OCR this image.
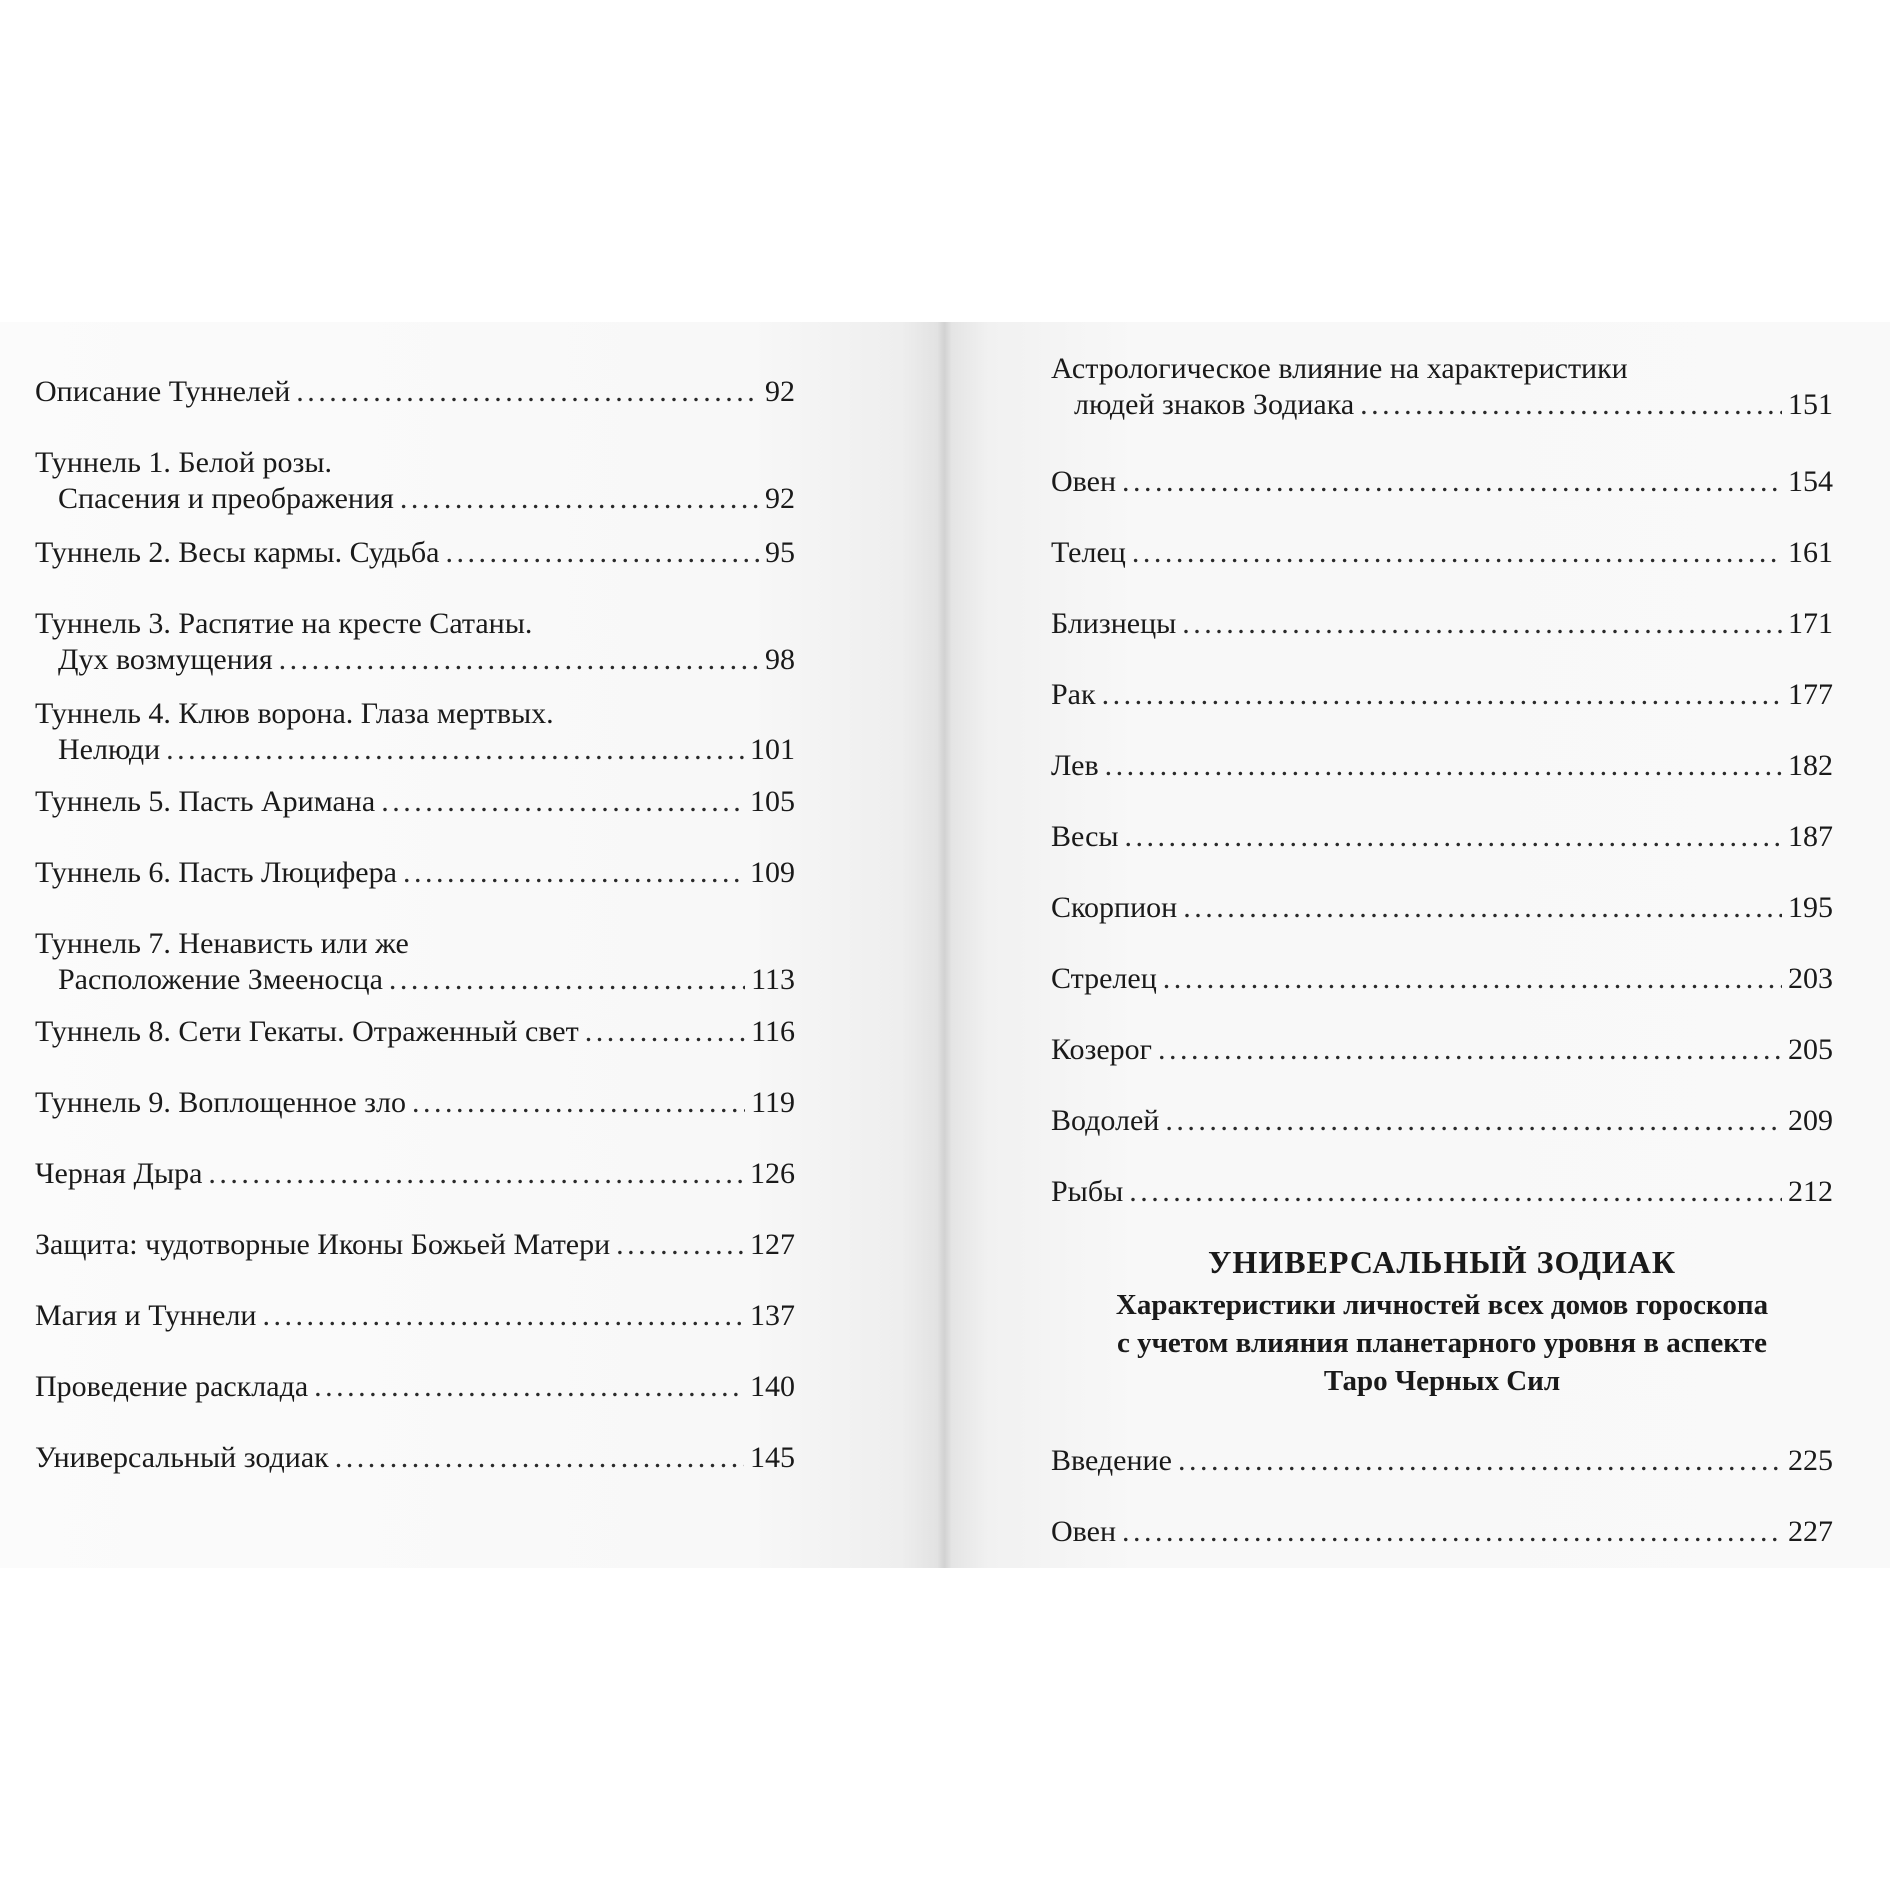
Описание Туннелей . . .	92
Туннель 1. Белой розы.
Спасения и преображения . . .	92
Туннель 2. Весы кармы. Судьба . . .	95
Туннель 3. Распятие на кресте Сатаны.
Дух возмущения . . .	98
Туннель 4. Клюв ворона. Глаза мертвых.
Нелюди . . .	101
Туннель 5. Пасть Аримана . . .	105
Туннель 6. Пасть Люцифера . . .	109
Туннель 7. Ненависть или же
Расположение Змееносца . . .	113
Туннель 8. Сети Гекаты. Отраженный свет . . .	116
Туннель 9. Воплощенное зло . . .	119
Черная Дыра . . .	126
Защита: чудотворные Иконы Божьей Матери . . .	127
Магия и Туннели . . .	137
Проведение расклада . . .	140
Универсальный зодиак . . .	145
УНИВЕРСАЛЬНЫЙ ЗОДИАК
Характеристики личностей всех домов гороскопа
с учетом влияния планетарного уровня в аспекте
Таро Черных Сил
Астрологическое влияние на характеристики
людей знаков Зодиака . . .	151
Овен . . .	154
Телец . . .	161
Близнецы . . .	171
Рак . . .	177
Лев . . .	182
Весы . . .	187
Скорпион . . .	195
Стрелец . . .	203
Козерог . . .	205
Водолей . . .	209
Рыбы . . .	212
Введение . . .	225
Овен . . .	227
